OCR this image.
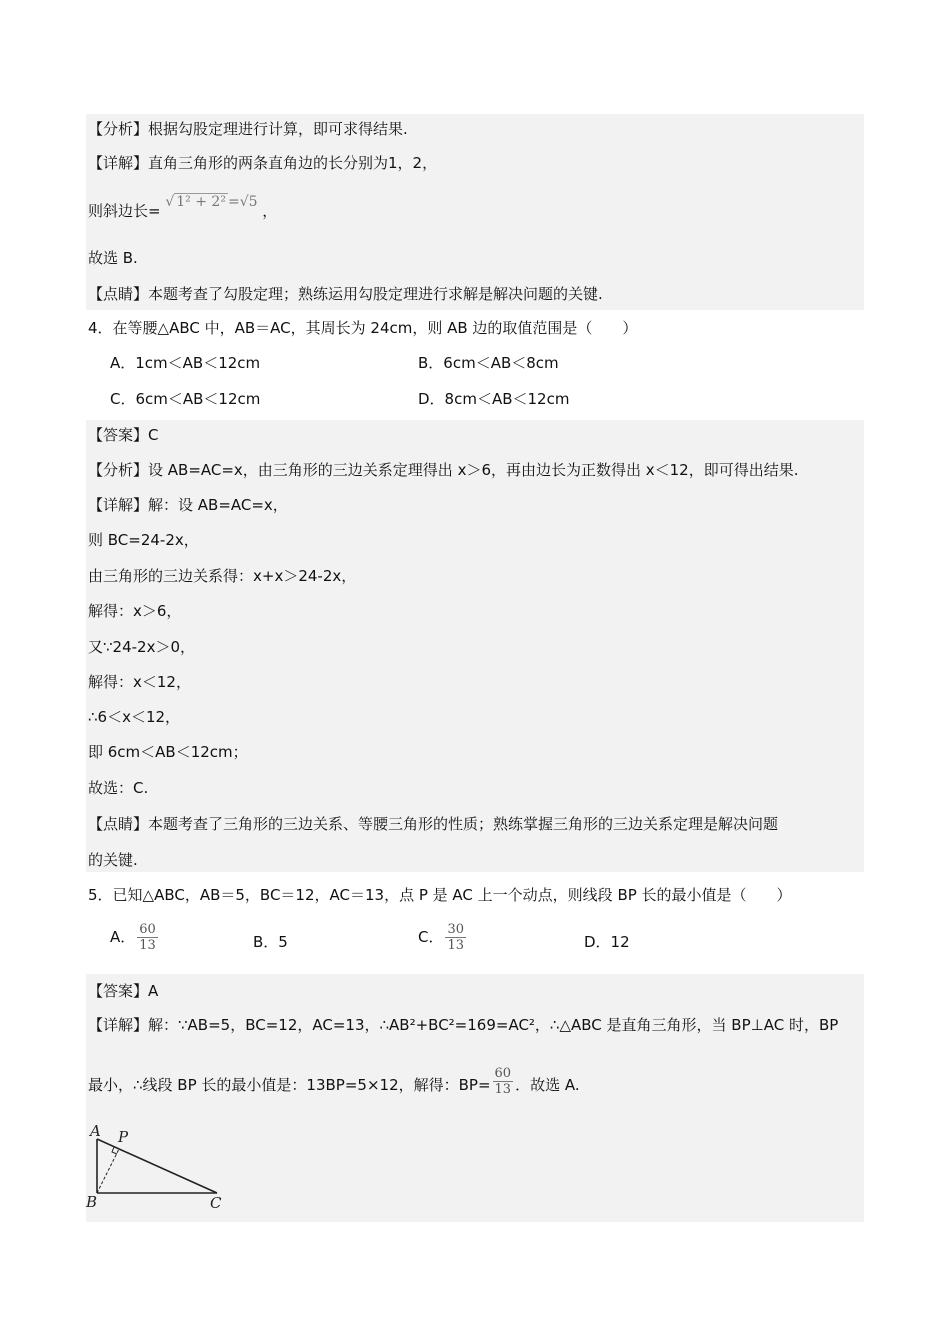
【分析】根据勾股定理进行计算，即可求得结果.
【详解】直角三角形的两条直角边的长分别为1，2，
则斜边长= √ 1² + 2² =√5 ，
故选 B.
【点睛】本题考查了勾股定理；熟练运用勾股定理进行求解是解决问题的关键.
4．在等腰△ABC 中，AB＝AC，其周长为 24cm，则 AB 边的取值范围是（　　）
A．1cm＜AB＜12cm	B．6cm＜AB＜8cm
C．6cm＜AB＜12cm	D．8cm＜AB＜12cm
【答案】C
【分析】设 AB=AC=x，由三角形的三边关系定理得出 x＞6，再由边长为正数得出 x＜12，即可得出结果.
【详解】解：设 AB=AC=x，
则 BC=24-2x，
由三角形的三边关系得：x+x＞24-2x，
解得：x＞6，
又∵24-2x＞0，
解得：x＜12，
∴6＜x＜12，
即 6cm＜AB＜12cm；
故选：C.
【点睛】本题考查了三角形的三边关系、等腰三角形的性质；熟练掌握三角形的三边关系定理是解决问题
的关键.
5．已知△ABC，AB＝5，BC＝12，AC＝13，点 P 是 AC 上一个动点，则线段 BP 长的最小值是（　　）
A． $\frac{60}{13}$	B．5	C． $\frac{30}{13}$	D．12
【答案】A
【详解】解：∵AB=5，BC=12，AC=13，∴AB²+BC²=169=AC²，∴△ABC 是直角三角形，当 BP⊥AC 时，BP
最小，∴线段 BP 长的最小值是：13BP=5×12，解得：$BP= \frac{60}{13}$ ．故选 A.
A P
B	C
